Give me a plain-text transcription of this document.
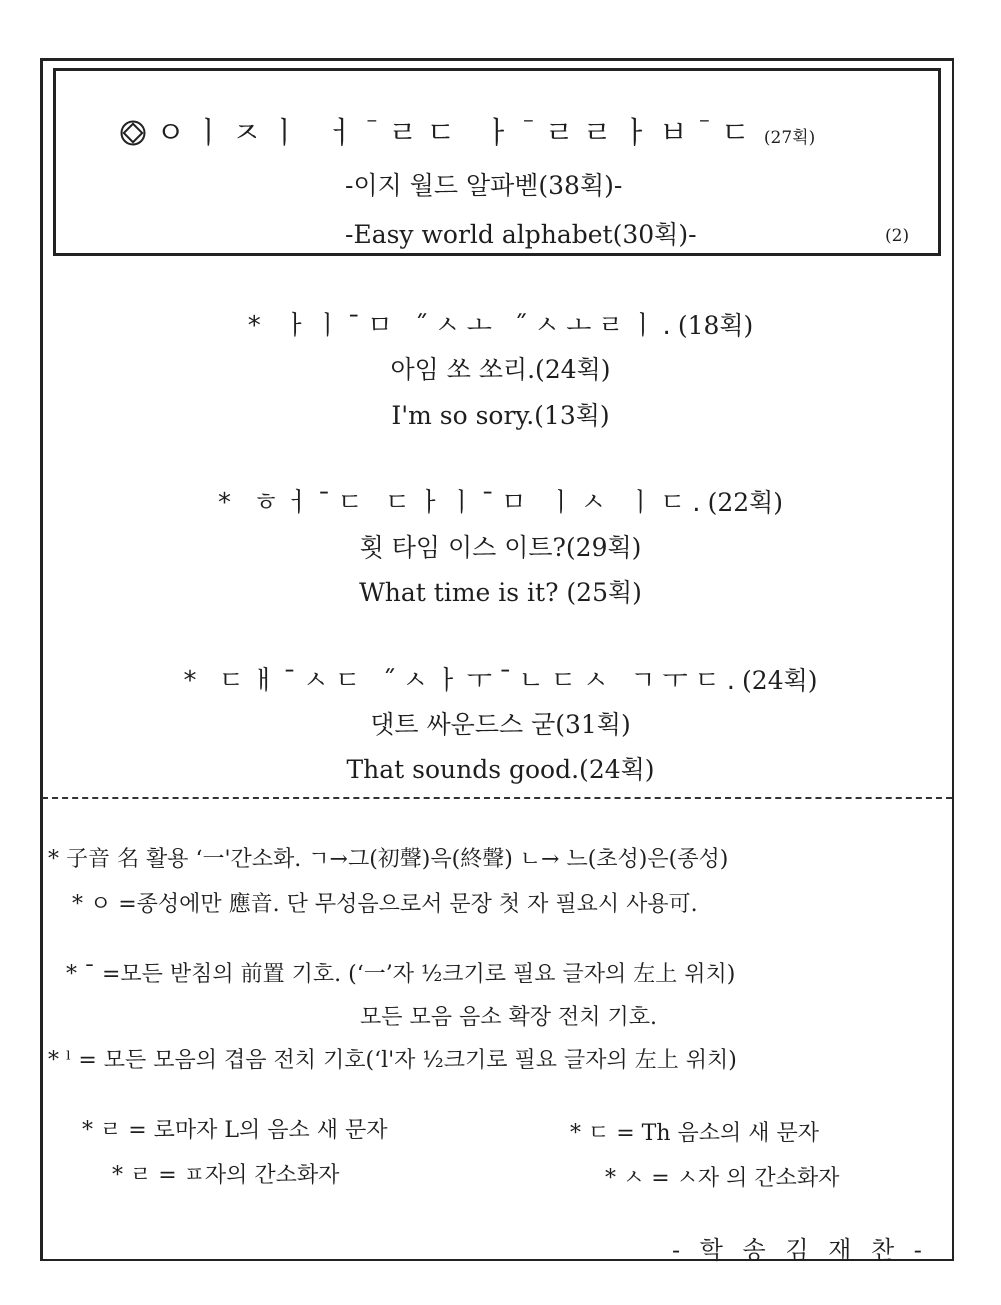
ㅇㅣㅈㅣ ㅓ¯ㄹㄷ ㅏ¯ㄹㄹㅏㅂ¯ㄷ (27획)
-이지 월드 알파벧(38획)-
-Easy world alphabet(30획)-	(2)
* ㅏㅣ¯ㅁ ˝ㅅㅗ ˝ㅅㅗㄹㅣ.(18획)
아임 쏘 쏘리.(24획)
I'm so sory.(13획)
* ㅎㅓ¯ㄷ ㄷㅏㅣ¯ㅁ ㅣㅅ ㅣㄷ.(22획)
횟 타임 이스 이트?(29획)
What time is it? (25획)
* ㄷㅐ¯ㅅㄷ ˝ㅅㅏㅜ¯ㄴㄷㅅ ㄱㅜㄷ.(24획)
댓트 싸운드스 굳(31획)
That sounds good.(24획)
* 子音 名 활용 ‘一'간소화. ㄱ→그(初聲)윽(終聲) ㄴ→ 느(초성)은(종성)
* ㅇ =종성에만 應音. 단 무성음으로서 문장 첫 자 필요시 사용可.
* ¯ =모든 받침의 前置 기호. (‘一’자 ½크기로 필요 글자의 左上 위치)
모든 모음 음소 확장 전치 기호.
* ˡ = 모든 모음의 겹음 전치 기호(‘l'자 ½크기로 필요 글자의 左上 위치)
* ㄹ = 로마자 L의 음소 새 문자	* ㄷ = Th 음소의 새 문자
* ㄹ = ㅍ자의 간소화자	* ㅅ = ㅅ자 의 간소화자
- 학 송 김 재 찬 -
